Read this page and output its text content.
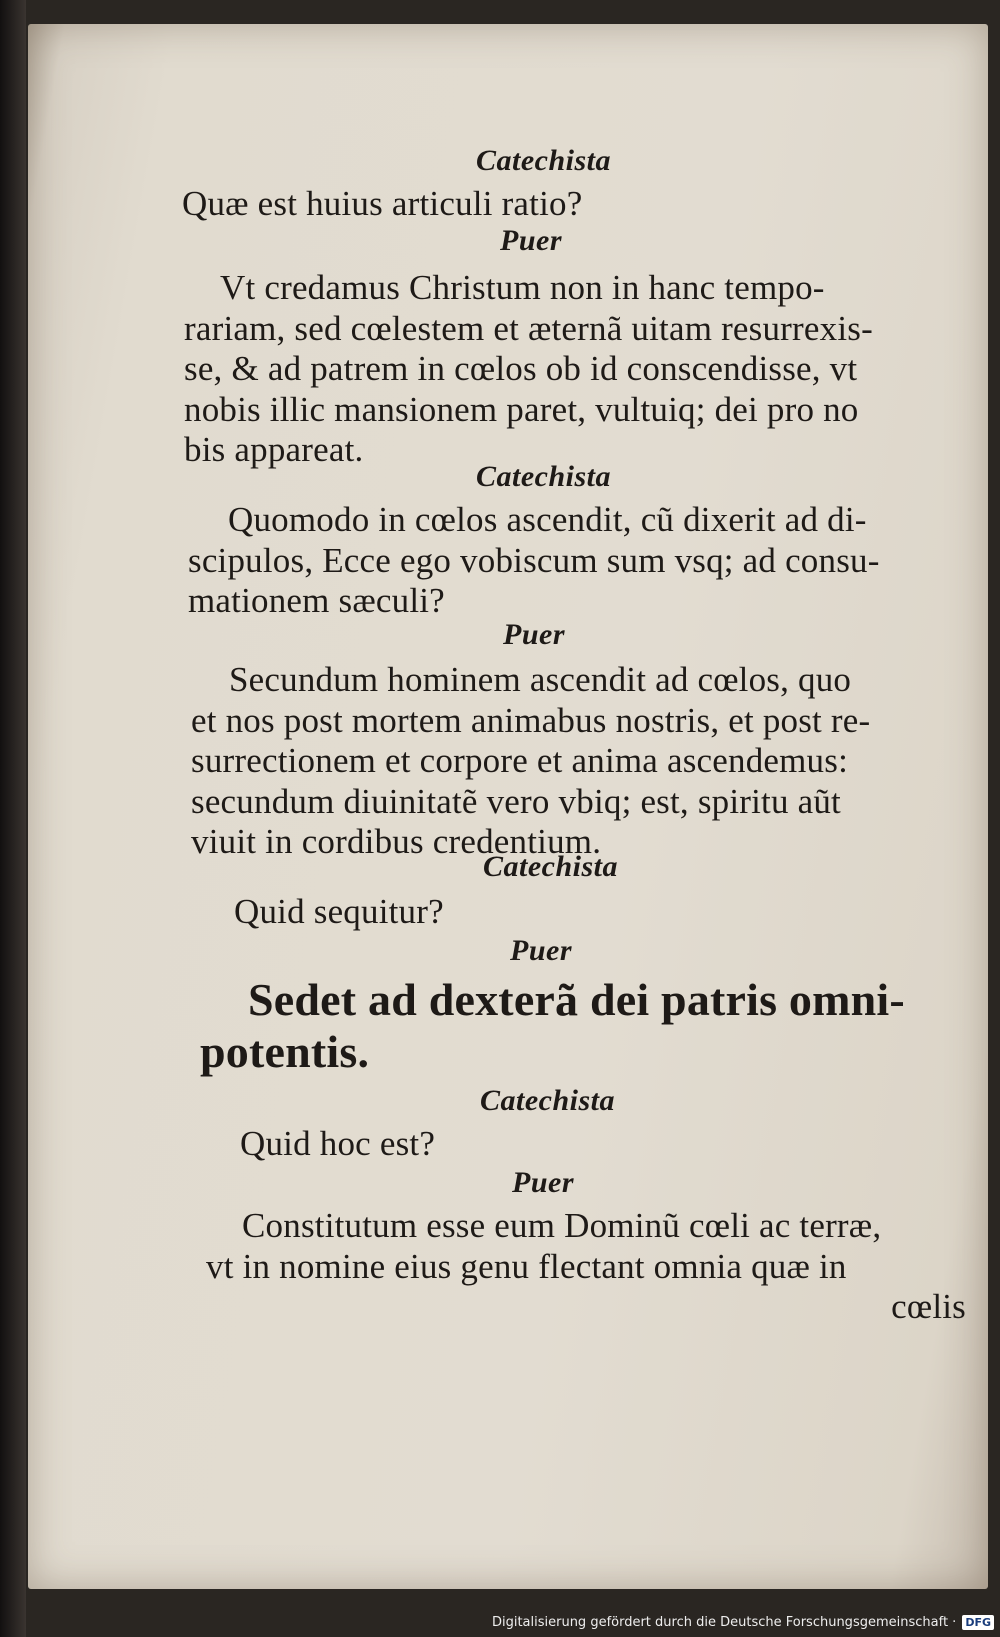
Catechista
Quæ est huius articuli ratio?
Puer
Vt credamus Christum non in hanc tempo-
rariam, sed cœlestem et æternã uitam resurrexis-
se, & ad patrem in cœlos ob id conscendisse, vt
nobis illic mansionem paret, vultuiq; dei pro no
bis appareat.
Catechista
Quomodo in cœlos ascendit, cũ dixerit ad di-
scipulos, Ecce ego vobiscum sum vsq; ad consu-
mationem sæculi?
Puer
Secundum hominem ascendit ad cœlos, quo
et nos post mortem animabus nostris, et post re-
surrectionem et corpore et anima ascendemus:
secundum diuinitatẽ vero vbiq; est, spiritu aũt
viuit in cordibus credentium.
Catechista
Quid sequitur?
Puer
Sedet ad dexterã dei patris omni-
potentis.
Catechista
Quid hoc est?
Puer
Constitutum esse eum Dominũ cœli ac terræ,
vt in nomine eius genu flectant omnia quæ in
cœlis
Digitalisierung gefördert durch die Deutsche Forschungsgemeinschaft · DFG
